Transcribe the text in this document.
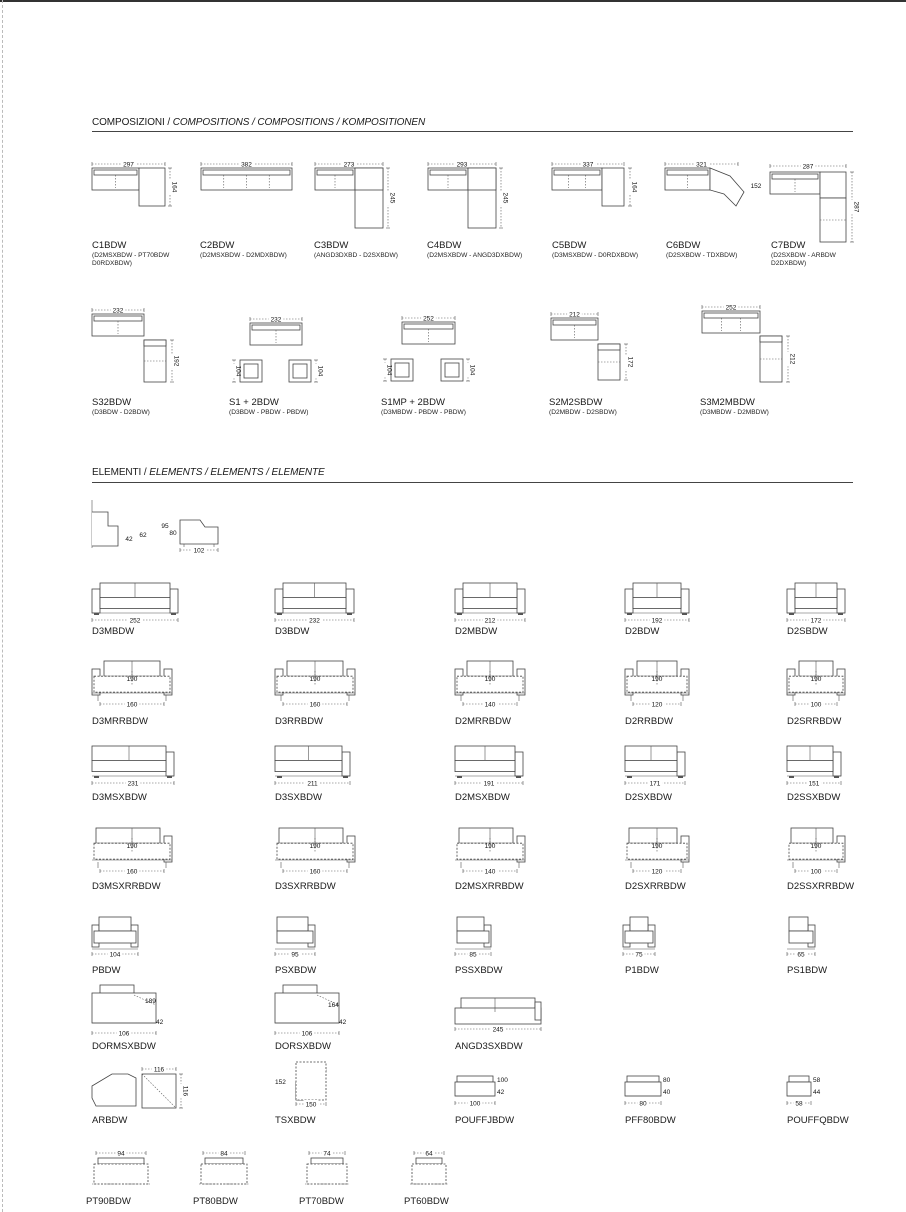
COMPOSIZIONI / COMPOSITIONS / COMPOSITIONS / KOMPOSITIONEN
ELEMENTI / ELEMENTS / ELEMENTS / ELEMENTE
297
164
382	273
245
293
245
337
164
321
152
287
287
232
192
232
104	104
252
104	104
212
172
252
212
42
62
95
80
102
252	232	212	192	172
190
160
190
160
190
140
190
120
190
100
231	211	191	171	151
190
160
190
160
190
140
190
120
190
100
104	95	85	75	65
189
42
106
164
42
106
245
116
116
152
150
100
42
100
80
40
80
58
44
58
94	84	74	64
C1BDW
(D2MSXBDW - PT70BDW
D0RDXBDW)
C2BDW
(D2MSXBDW - D2MDXBDW)
C3BDW
(ANGD3DXBD - D2SXBDW)
C4BDW
(D2MSXBDW - ANGD3DXBDW)
C5BDW
(D3MSXBDW - D0RDXBDW)
C6BDW
(D2SXBDW - TDXBDW)
C7BDW
(D2SXBDW - ARBDW
D2DXBDW)
S32BDW
(D3BDW - D2BDW)
S1 + 2BDW
(D3BDW - PBDW - PBDW)
S1MP + 2BDW
(D3MBDW - PBDW - PBDW)
S2M2SBDW
(D2MBDW - D2SBDW)
S3M2MBDW
(D3MBDW - D2MBDW)
D3MBDW	D3BDW	D2MBDW	D2BDW	D2SBDW
D3MRRBDW	D3RRBDW	D2MRRBDW	D2RRBDW	D2SRRBDW
D3MSXBDW	D3SXBDW	D2MSXBDW	D2SXBDW	D2SSXBDW
D3MSXRRBDW	D3SXRRBDW	D2MSXRRBDW	D2SXRRBDW	D2SSXRRBDW
PBDW	PSXBDW	PSSXBDW	P1BDW	PS1BDW
DORMSXBDW	DORSXBDW	ANGD3SXBDW
ARBDW	TSXBDW	POUFFJBDW	PFF80BDW	POUFFQBDW
PT90BDW	PT80BDW	PT70BDW	PT60BDW
